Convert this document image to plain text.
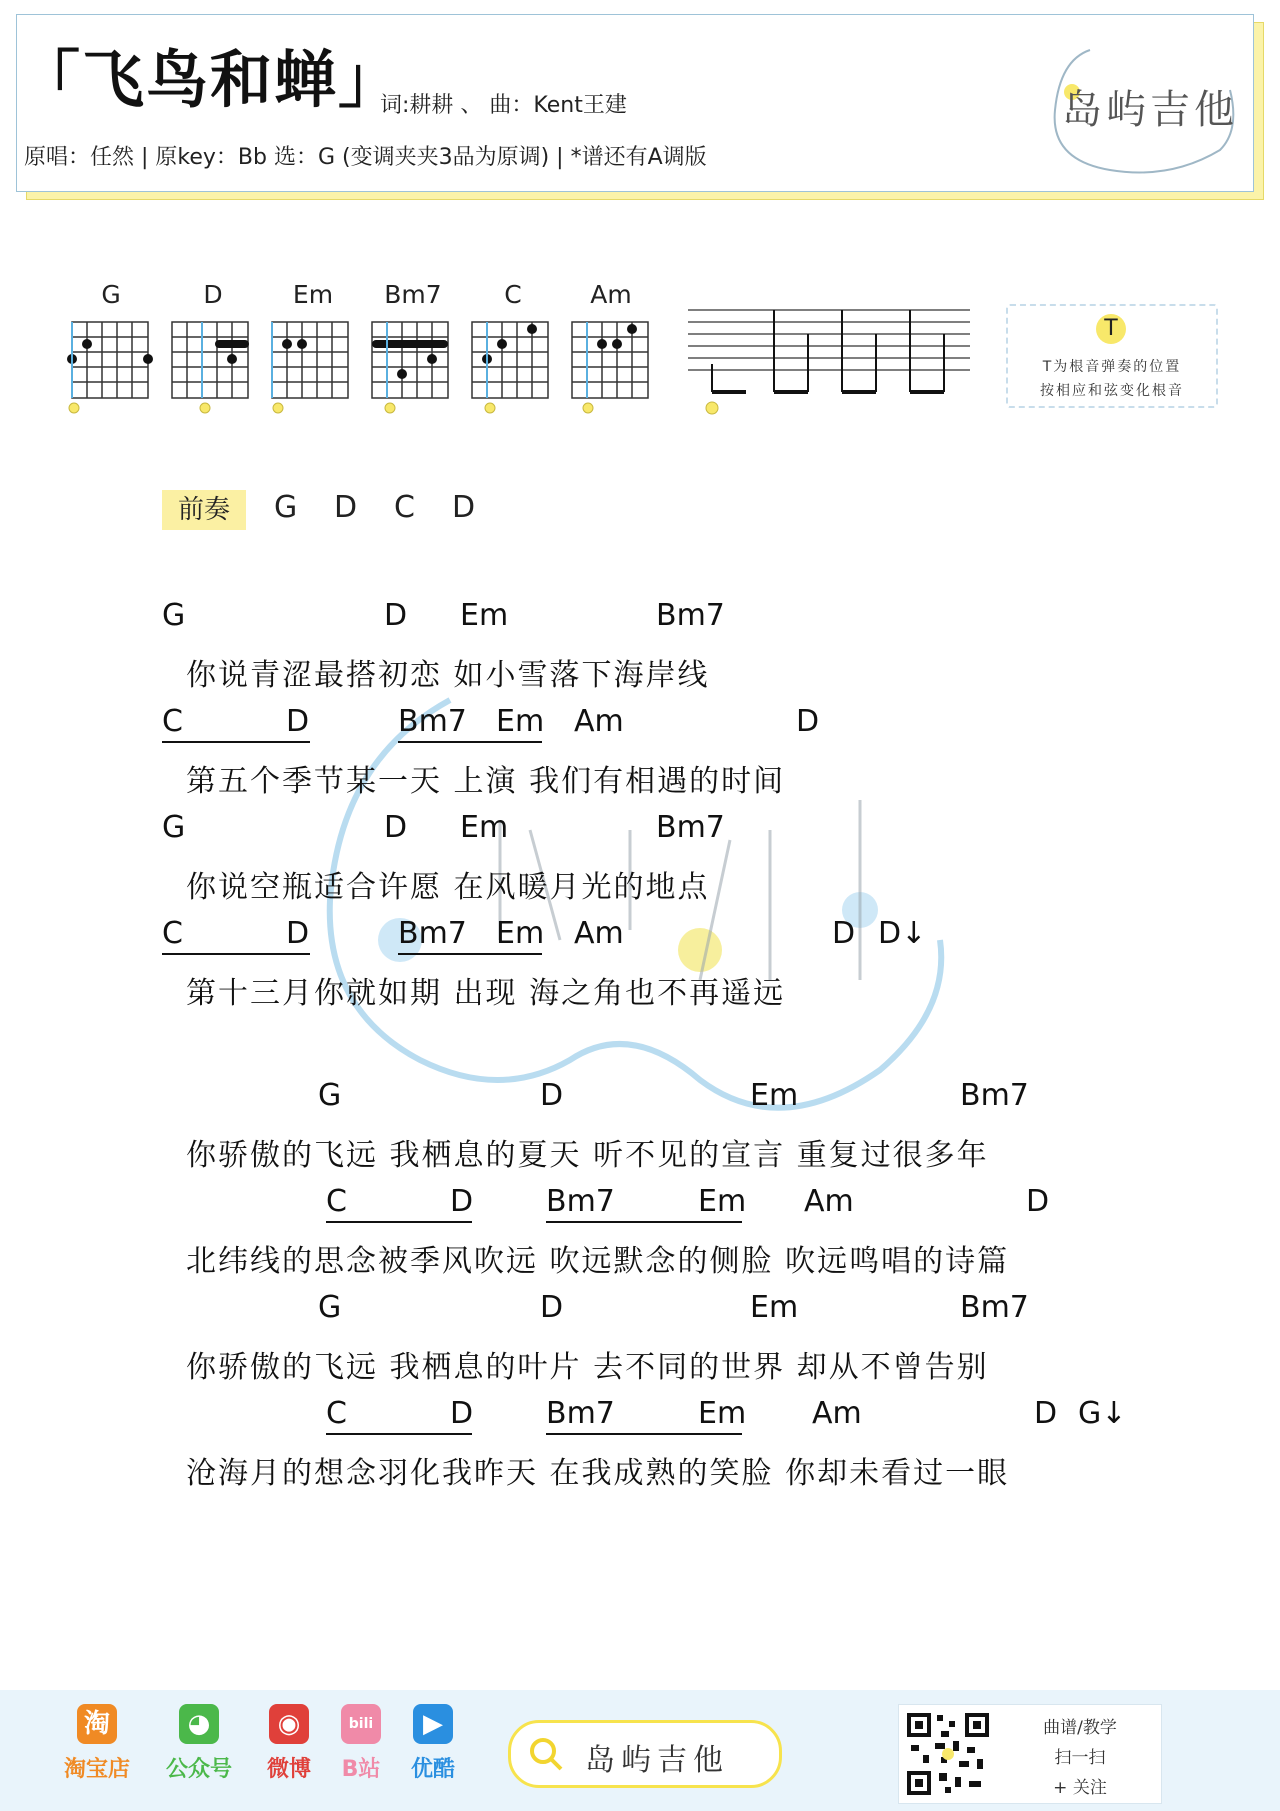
「飞鸟和蝉」
词:耕耕 、 曲：Kent王建
原唱：任然 | 原key：Bb 选：G (变调夹夹3品为原调) | *谱还有A调版
岛屿吉他
G	D	Em	Bm7	C	Am
T
T为根音弹奏的位置
按相应和弦变化根音
前奏	G D C D
G	D Em	Bm7
你说青涩最搭初恋 如小雪落下海岸线
C	D	Bm7 Em Am	D
第五个季节某一天 上演 我们有相遇的时间
G	D Em	Bm7
你说空瓶适合许愿 在风暖月光的地点
C	D	Bm7 Em Am	D D↓
第十三月你就如期 出现 海之角也不再遥远
G	D	Em	Bm7
你骄傲的飞远 我栖息的夏天 听不见的宣言 重复过很多年
C	D Bm7	Em Am	D
北纬线的思念被季风吹远 吹远默念的侧脸 吹远鸣唱的诗篇
G	D	Em	Bm7
你骄傲的飞远 我栖息的叶片 去不同的世界 却从不曾告别
C	D Bm7	Em Am	D G↓
沧海月的想念羽化我昨天 在我成熟的笑脸 你却未看过一眼
淘
淘宝店
◕
公众号
◉
微博
bili
B站
▶
优酷	岛屿吉他
曲谱/教学
扫一扫
+ 关注
